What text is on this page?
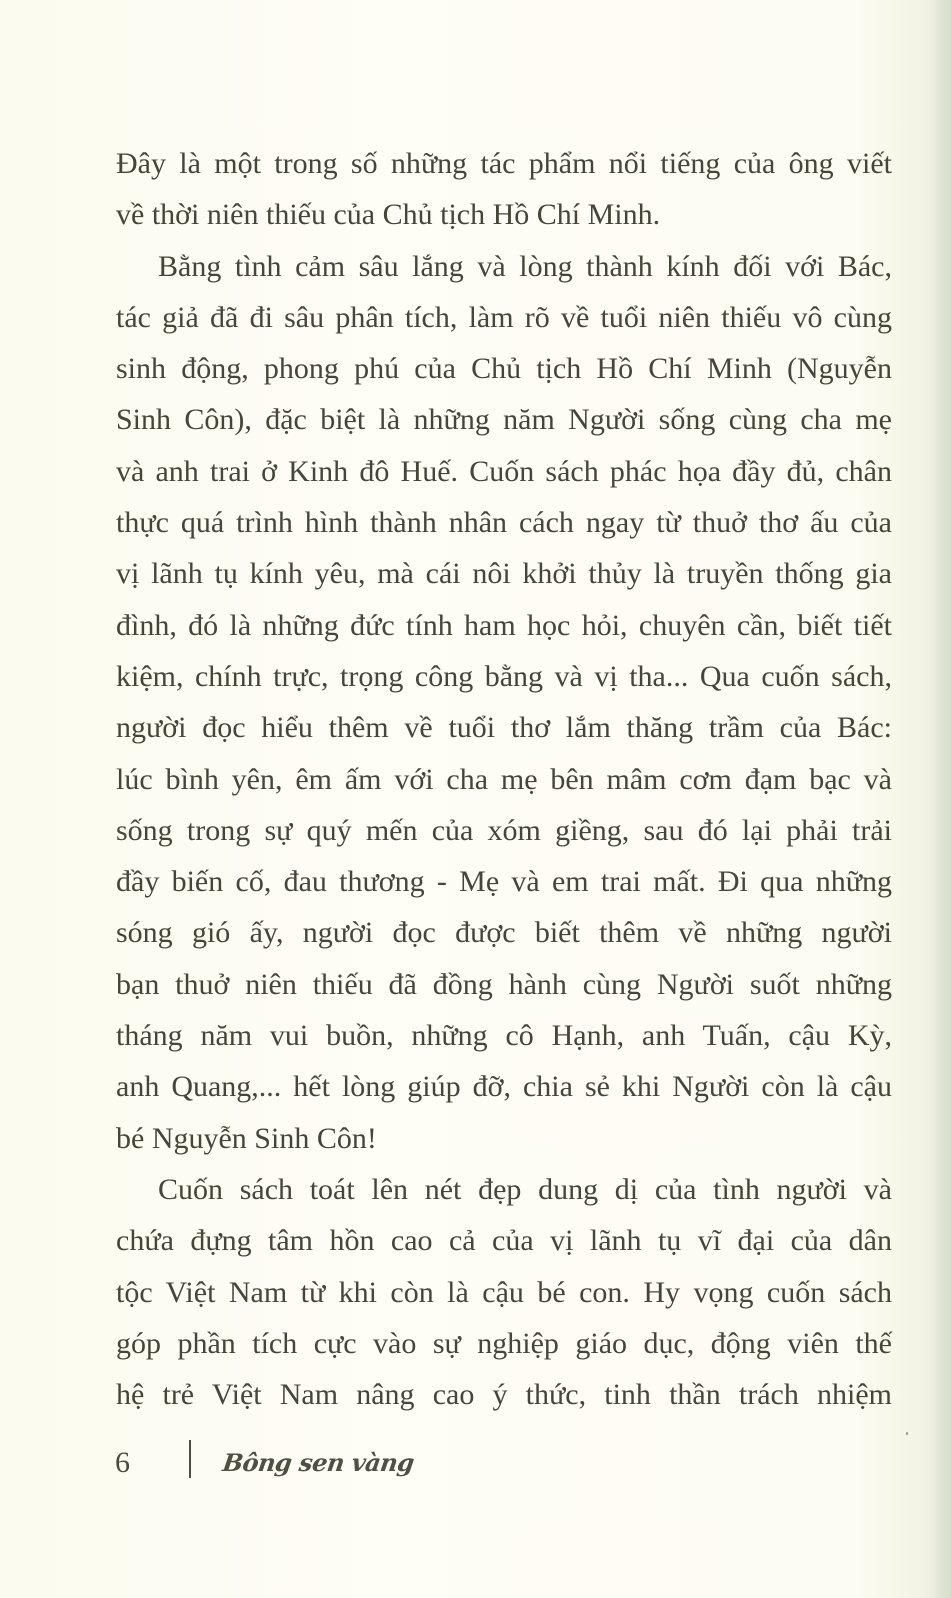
Đây là một trong số những tác phẩm nổi tiếng của ông viết
về thời niên thiếu của Chủ tịch Hồ Chí Minh.
Bằng tình cảm sâu lắng và lòng thành kính đối với Bác,
tác giả đã đi sâu phân tích, làm rõ về tuổi niên thiếu vô cùng
sinh động, phong phú của Chủ tịch Hồ Chí Minh (Nguyễn
Sinh Côn), đặc biệt là những năm Người sống cùng cha mẹ
và anh trai ở Kinh đô Huế. Cuốn sách phác họa đầy đủ, chân
thực quá trình hình thành nhân cách ngay từ thuở thơ ấu của
vị lãnh tụ kính yêu, mà cái nôi khởi thủy là truyền thống gia
đình, đó là những đức tính ham học hỏi, chuyên cần, biết tiết
kiệm, chính trực, trọng công bằng và vị tha... Qua cuốn sách,
người đọc hiểu thêm về tuổi thơ lắm thăng trầm của Bác:
lúc bình yên, êm ấm với cha mẹ bên mâm cơm đạm bạc và
sống trong sự quý mến của xóm giềng, sau đó lại phải trải
đầy biến cố, đau thương - Mẹ và em trai mất. Đi qua những
sóng gió ấy, người đọc được biết thêm về những người
bạn thuở niên thiếu đã đồng hành cùng Người suốt những
tháng năm vui buồn, những cô Hạnh, anh Tuấn, cậu Kỳ,
anh Quang,... hết lòng giúp đỡ, chia sẻ khi Người còn là cậu
bé Nguyễn Sinh Côn!
Cuốn sách toát lên nét đẹp dung dị của tình người và
chứa đựng tâm hồn cao cả của vị lãnh tụ vĩ đại của dân
tộc Việt Nam từ khi còn là cậu bé con. Hy vọng cuốn sách
góp phần tích cực vào sự nghiệp giáo dục, động viên thế
hệ trẻ Việt Nam nâng cao ý thức, tinh thần trách nhiệm
6	Bông sen vàng
